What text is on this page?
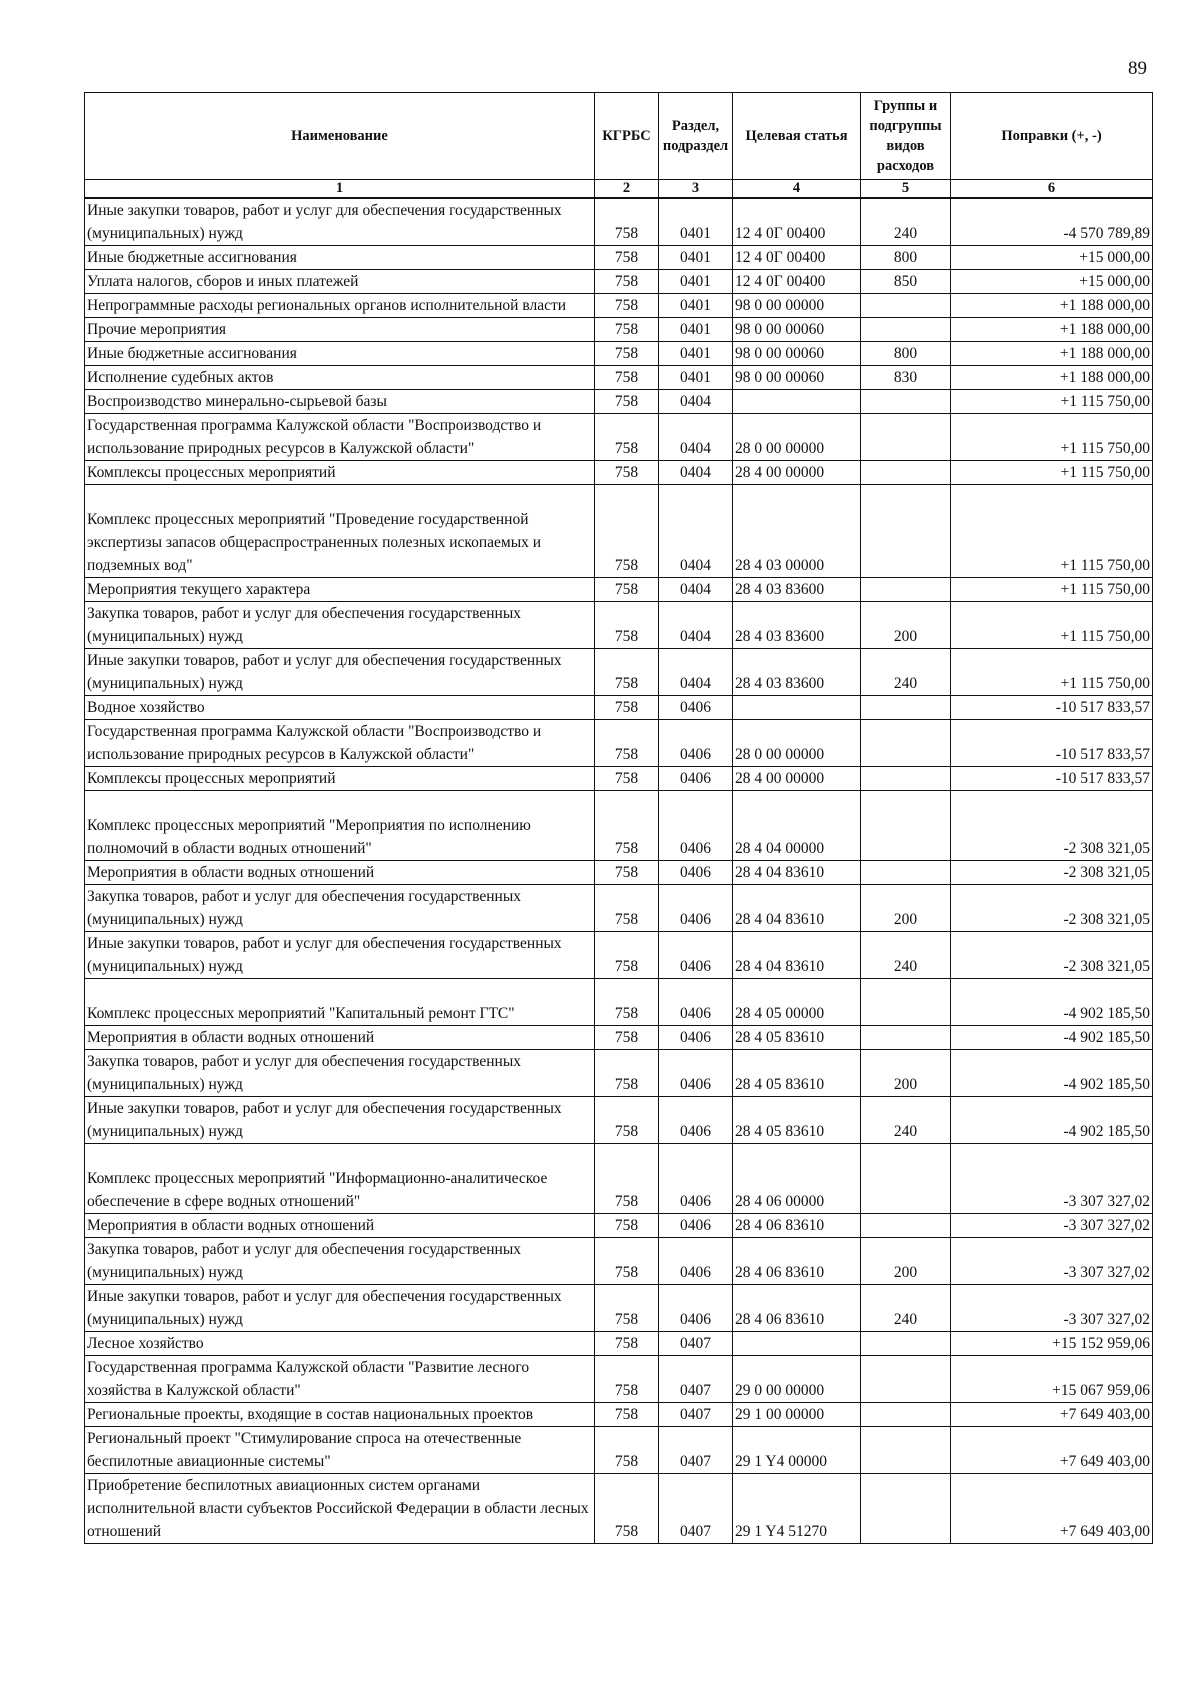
89
Наименование	КГРБС	Раздел, подраздел	Целевая статья	Группы и подгруппы видов расходов	Поправки (+, -)
1	2	3	4	5	6
Иные закупки товаров, работ и услуг для обеспечения государственных (муниципальных) нужд	758	0401	12 4 0Г 00400	240	-4 570 789,89
Иные бюджетные ассигнования	758	0401	12 4 0Г 00400	800	+15 000,00
Уплата налогов, сборов и иных платежей	758	0401	12 4 0Г 00400	850	+15 000,00
Непрограммные расходы региональных органов исполнительной власти	758	0401	98 0 00 00000		+1 188 000,00
Прочие мероприятия	758	0401	98 0 00 00060		+1 188 000,00
Иные бюджетные ассигнования	758	0401	98 0 00 00060	800	+1 188 000,00
Исполнение судебных актов	758	0401	98 0 00 00060	830	+1 188 000,00
Воспроизводство минерально-сырьевой базы	758	0404			+1 115 750,00
Государственная программа Калужской области "Воспроизводство и использование природных ресурсов в Калужской области"	758	0404	28 0 00 00000		+1 115 750,00
Комплексы процессных мероприятий	758	0404	28 4 00 00000		+1 115 750,00
Комплекс процессных мероприятий "Проведение государственной экспертизы запасов общераспространенных полезных ископаемых и подземных вод"	758	0404	28 4 03 00000		+1 115 750,00
Мероприятия текущего характера	758	0404	28 4 03 83600		+1 115 750,00
Закупка товаров, работ и услуг для обеспечения государственных (муниципальных) нужд	758	0404	28 4 03 83600	200	+1 115 750,00
Иные закупки товаров, работ и услуг для обеспечения государственных (муниципальных) нужд	758	0404	28 4 03 83600	240	+1 115 750,00
Водное хозяйство	758	0406			-10 517 833,57
Государственная программа Калужской области "Воспроизводство и использование природных ресурсов в Калужской области"	758	0406	28 0 00 00000		-10 517 833,57
Комплексы процессных мероприятий	758	0406	28 4 00 00000		-10 517 833,57
Комплекс процессных мероприятий "Мероприятия по исполнению полномочий в области водных отношений"	758	0406	28 4 04 00000		-2 308 321,05
Мероприятия в области водных отношений	758	0406	28 4 04 83610		-2 308 321,05
Закупка товаров, работ и услуг для обеспечения государственных (муниципальных) нужд	758	0406	28 4 04 83610	200	-2 308 321,05
Иные закупки товаров, работ и услуг для обеспечения государственных (муниципальных) нужд	758	0406	28 4 04 83610	240	-2 308 321,05
Комплекс процессных мероприятий "Капитальный ремонт ГТС"	758	0406	28 4 05 00000		-4 902 185,50
Мероприятия в области водных отношений	758	0406	28 4 05 83610		-4 902 185,50
Закупка товаров, работ и услуг для обеспечения государственных (муниципальных) нужд	758	0406	28 4 05 83610	200	-4 902 185,50
Иные закупки товаров, работ и услуг для обеспечения государственных (муниципальных) нужд	758	0406	28 4 05 83610	240	-4 902 185,50
Комплекс процессных мероприятий "Информационно-аналитическое обеспечение в сфере водных отношений"	758	0406	28 4 06 00000		-3 307 327,02
Мероприятия в области водных отношений	758	0406	28 4 06 83610		-3 307 327,02
Закупка товаров, работ и услуг для обеспечения государственных (муниципальных) нужд	758	0406	28 4 06 83610	200	-3 307 327,02
Иные закупки товаров, работ и услуг для обеспечения государственных (муниципальных) нужд	758	0406	28 4 06 83610	240	-3 307 327,02
Лесное хозяйство	758	0407			+15 152 959,06
Государственная программа Калужской области "Развитие лесного хозяйства в Калужской области"	758	0407	29 0 00 00000		+15 067 959,06
Региональные проекты, входящие в состав национальных проектов	758	0407	29 1 00 00000		+7 649 403,00
Региональный проект "Стимулирование спроса на отечественные беспилотные авиационные системы"	758	0407	29 1 Y4 00000		+7 649 403,00
Приобретение беспилотных авиационных систем органами исполнительной власти субъектов Российской Федерации в области лесных отношений	758	0407	29 1 Y4 51270		+7 649 403,00
